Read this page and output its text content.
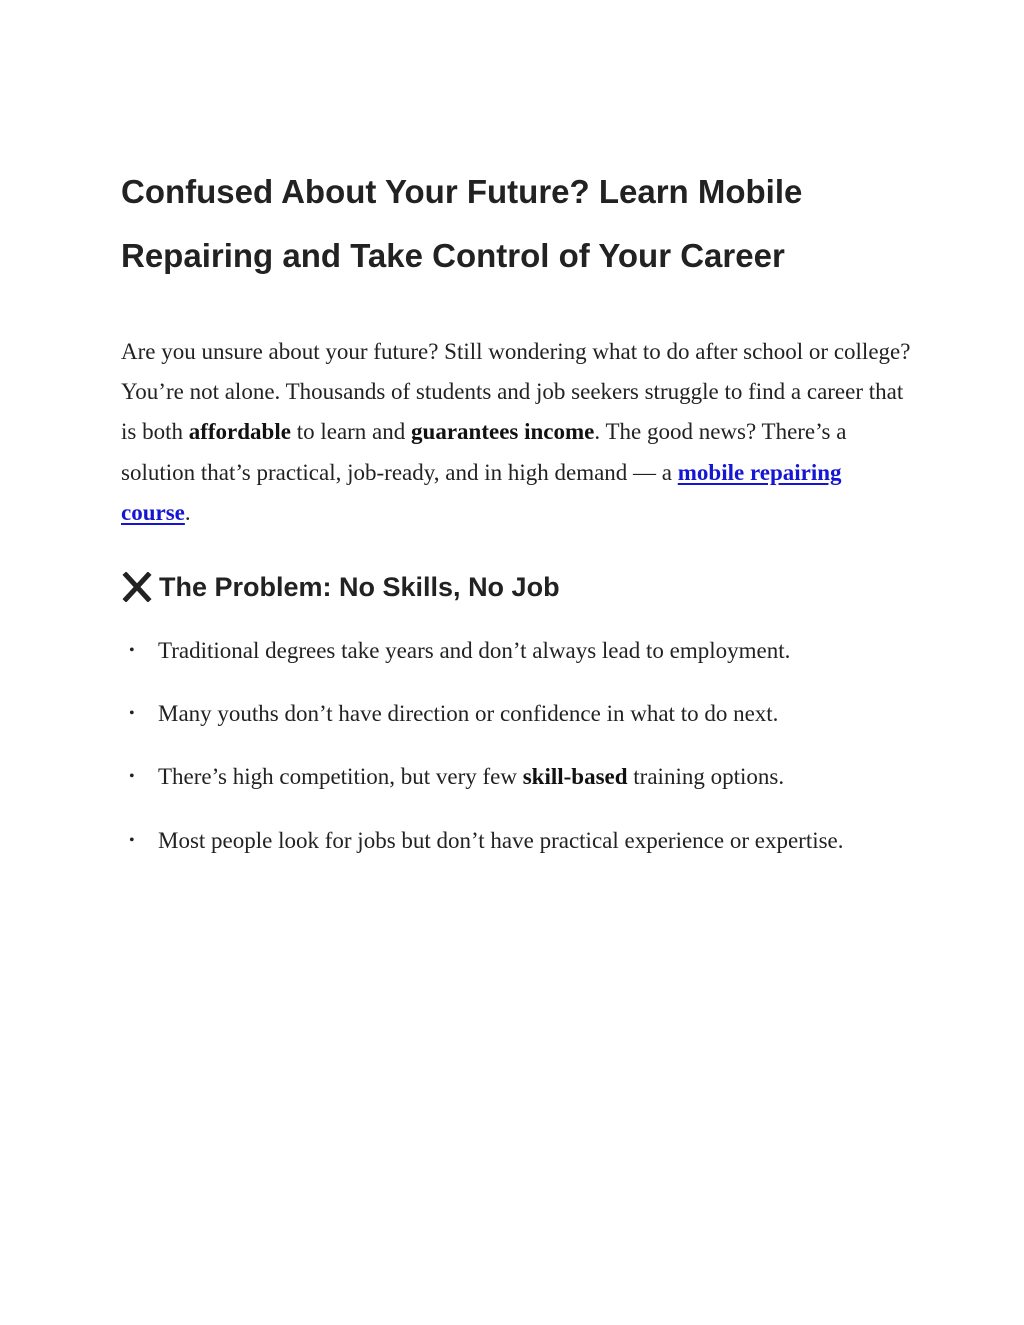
Confused About Your Future? Learn Mobile Repairing and Take Control of Your Career

Are you unsure about your future? Still wondering what to do after school or college? You’re not alone. Thousands of students and job seekers struggle to find a career that is both affordable to learn and guarantees income. The good news? There’s a solution that’s practical, job-ready, and in high demand — a mobile repairing course.

The Problem: No Skills, No Job
• Traditional degrees take years and don’t always lead to employment.
• Many youths don’t have direction or confidence in what to do next.
• There’s high competition, but very few skill-based training options.
• Most people look for jobs but don’t have practical experience or expertise.
